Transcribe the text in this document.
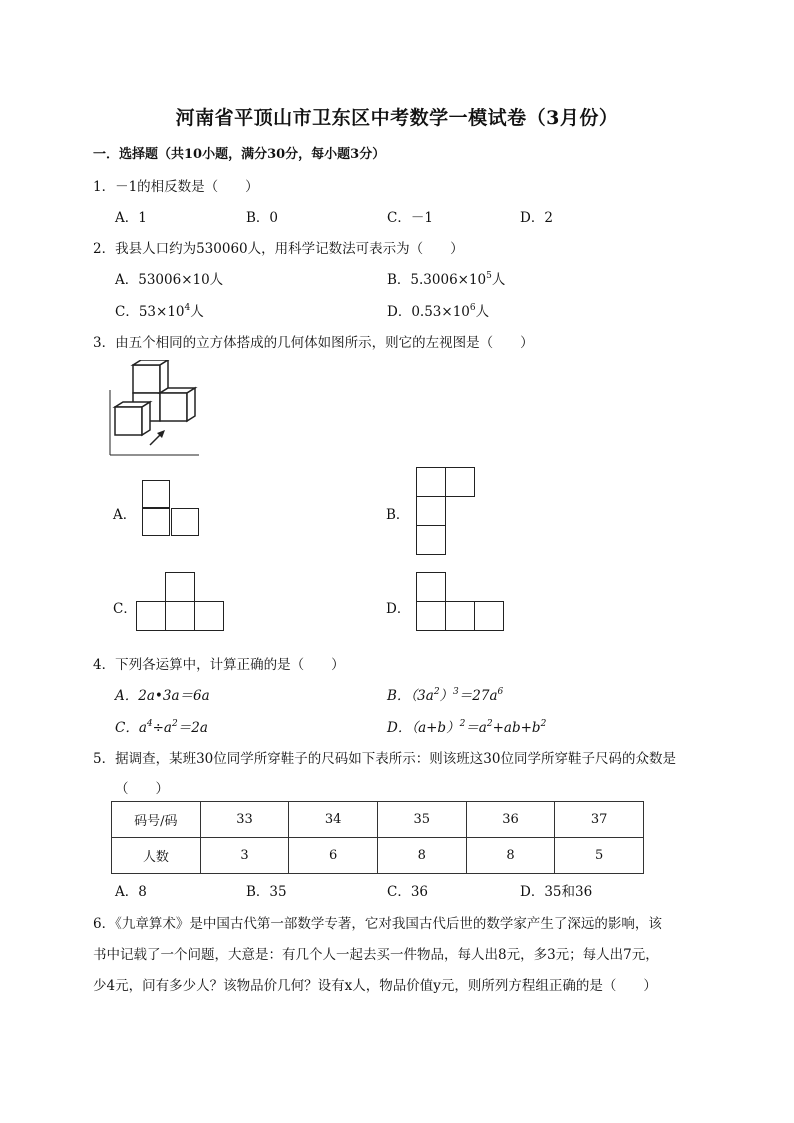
河南省平顶山市卫东区中考数学一模试卷（3月份）
一．选择题（共10小题，满分30分，每小题3分）
1．－1的相反数是（　　）
A．1	B．0	C．－1	D．2
2．我县人口约为530060人，用科学记数法可表示为（　　）
A．53006×10人	B．$5.3006\times 10^5$人
C．$53\times 10^4$人	D．$0.53\times 10^6$人
3．由五个相同的立方体搭成的几何体如图所示，则它的左视图是（　　）
A．	B．
C．	D．
4．下列各运算中，计算正确的是（　　）
A．2a•3a＝6a	B．$(3a^2)^3=27a^6$
C．$a^4\div a^2=2a$	D．$(a+b)^2=a^2+ab+b^2$
5．据调查，某班30位同学所穿鞋子的尺码如下表所示：则该班这30位同学所穿鞋子尺码的众数是
（　　）
码号/码	33	34	35	36	37
人数	3	6	8	8	5
A．8	B．35	C．36	D．35和36
6．《九章算术》是中国古代第一部数学专著，它对我国古代后世的数学家产生了深远的影响，该
书中记载了一个问题，大意是：有几个人一起去买一件物品，每人出8元，多3元；每人出7元，
少4元，问有多少人？该物品价几何？设有x人，物品价值y元，则所列方程组正确的是（　　）
